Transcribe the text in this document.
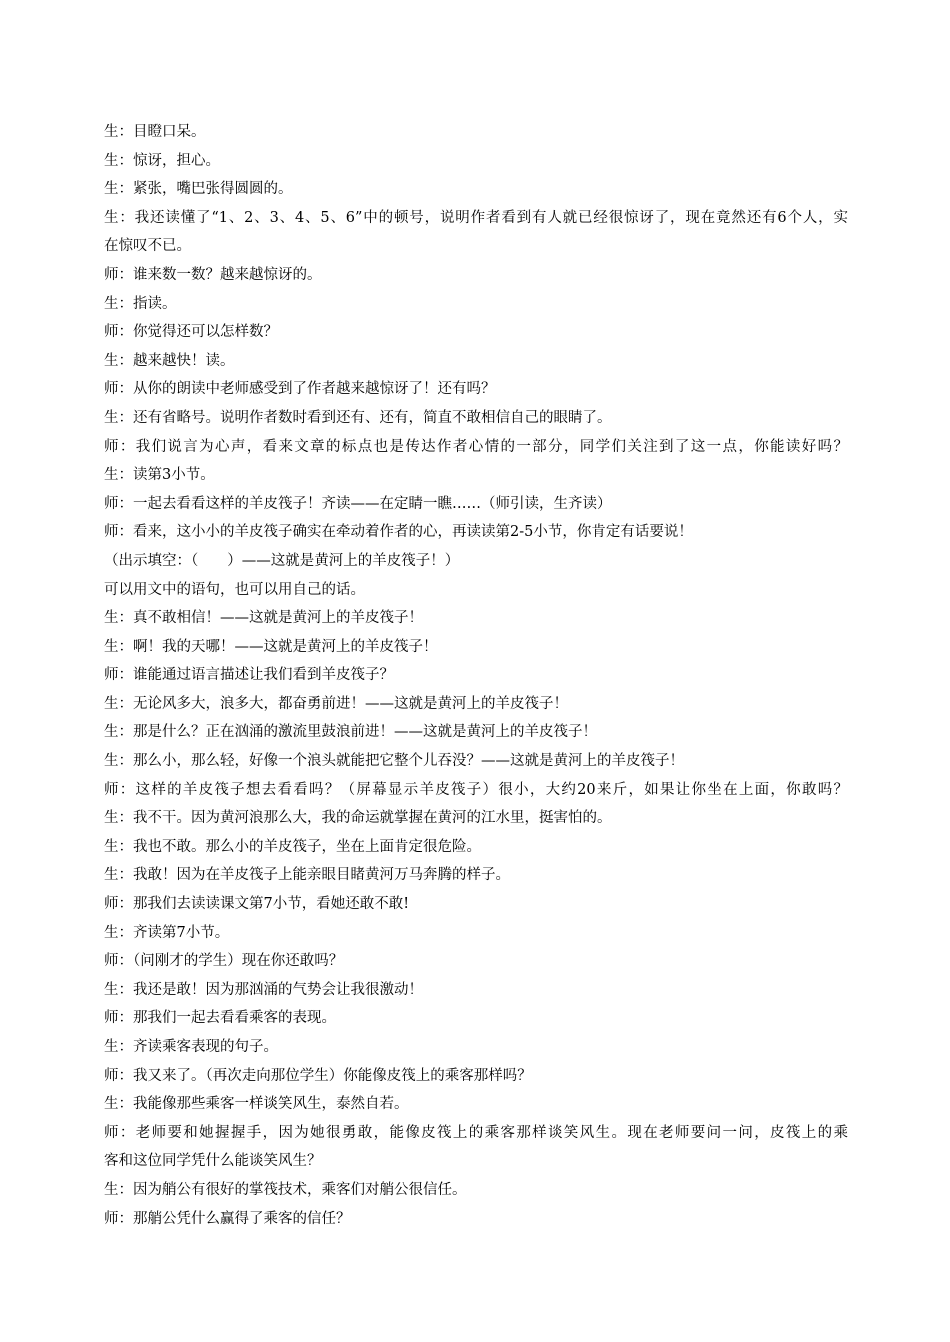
生：目瞪口呆。
生：惊讶，担心。
生：紧张，嘴巴张得圆圆的。
生：我还读懂了“1、2、3、4、5、6”中的顿号，说明作者看到有人就已经很惊讶了，现在竟然还有6个人，实
在惊叹不已。
师：谁来数一数？越来越惊讶的。
生：指读。
师：你觉得还可以怎样数？
生：越来越快！读。
师：从你的朗读中老师感受到了作者越来越惊讶了！还有吗？
生：还有省略号。说明作者数时看到还有、还有，简直不敢相信自己的眼睛了。
师：我们说言为心声，看来文章的标点也是传达作者心情的一部分，同学们关注到了这一点，你能读好吗？
生：读第3小节。
师：一起去看看这样的羊皮筏子！齐读——在定睛一瞧……（师引读，生齐读）
师：看来，这小小的羊皮筏子确实在牵动着作者的心，再读读第2-5小节，你肯定有话要说！
（出示填空：（　　）——这就是黄河上的羊皮筏子！）
可以用文中的语句，也可以用自己的话。
生：真不敢相信！——这就是黄河上的羊皮筏子！
生：啊！我的天哪！——这就是黄河上的羊皮筏子！
师：谁能通过语言描述让我们看到羊皮筏子？
生：无论风多大，浪多大，都奋勇前进！——这就是黄河上的羊皮筏子！
生：那是什么？正在汹涌的激流里鼓浪前进！——这就是黄河上的羊皮筏子！
生：那么小，那么轻，好像一个浪头就能把它整个儿吞没？——这就是黄河上的羊皮筏子！
师：这样的羊皮筏子想去看看吗？（屏幕显示羊皮筏子）很小，大约20来斤，如果让你坐在上面，你敢吗？
生：我不干。因为黄河浪那么大，我的命运就掌握在黄河的江水里，挺害怕的。
生：我也不敢。那么小的羊皮筏子，坐在上面肯定很危险。
生：我敢！因为在羊皮筏子上能亲眼目睹黄河万马奔腾的样子。
师：那我们去读读课文第7小节，看她还敢不敢!
生：齐读第7小节。
师：（问刚才的学生）现在你还敢吗？
生：我还是敢！因为那汹涌的气势会让我很激动！
师：那我们一起去看看乘客的表现。
生：齐读乘客表现的句子。
师：我又来了。（再次走向那位学生）你能像皮筏上的乘客那样吗？
生：我能像那些乘客一样谈笑风生，泰然自若。
师：老师要和她握握手，因为她很勇敢，能像皮筏上的乘客那样谈笑风生。现在老师要问一问，皮筏上的乘
客和这位同学凭什么能谈笑风生？
生：因为艄公有很好的掌筏技术，乘客们对艄公很信任。
师：那艄公凭什么赢得了乘客的信任？
